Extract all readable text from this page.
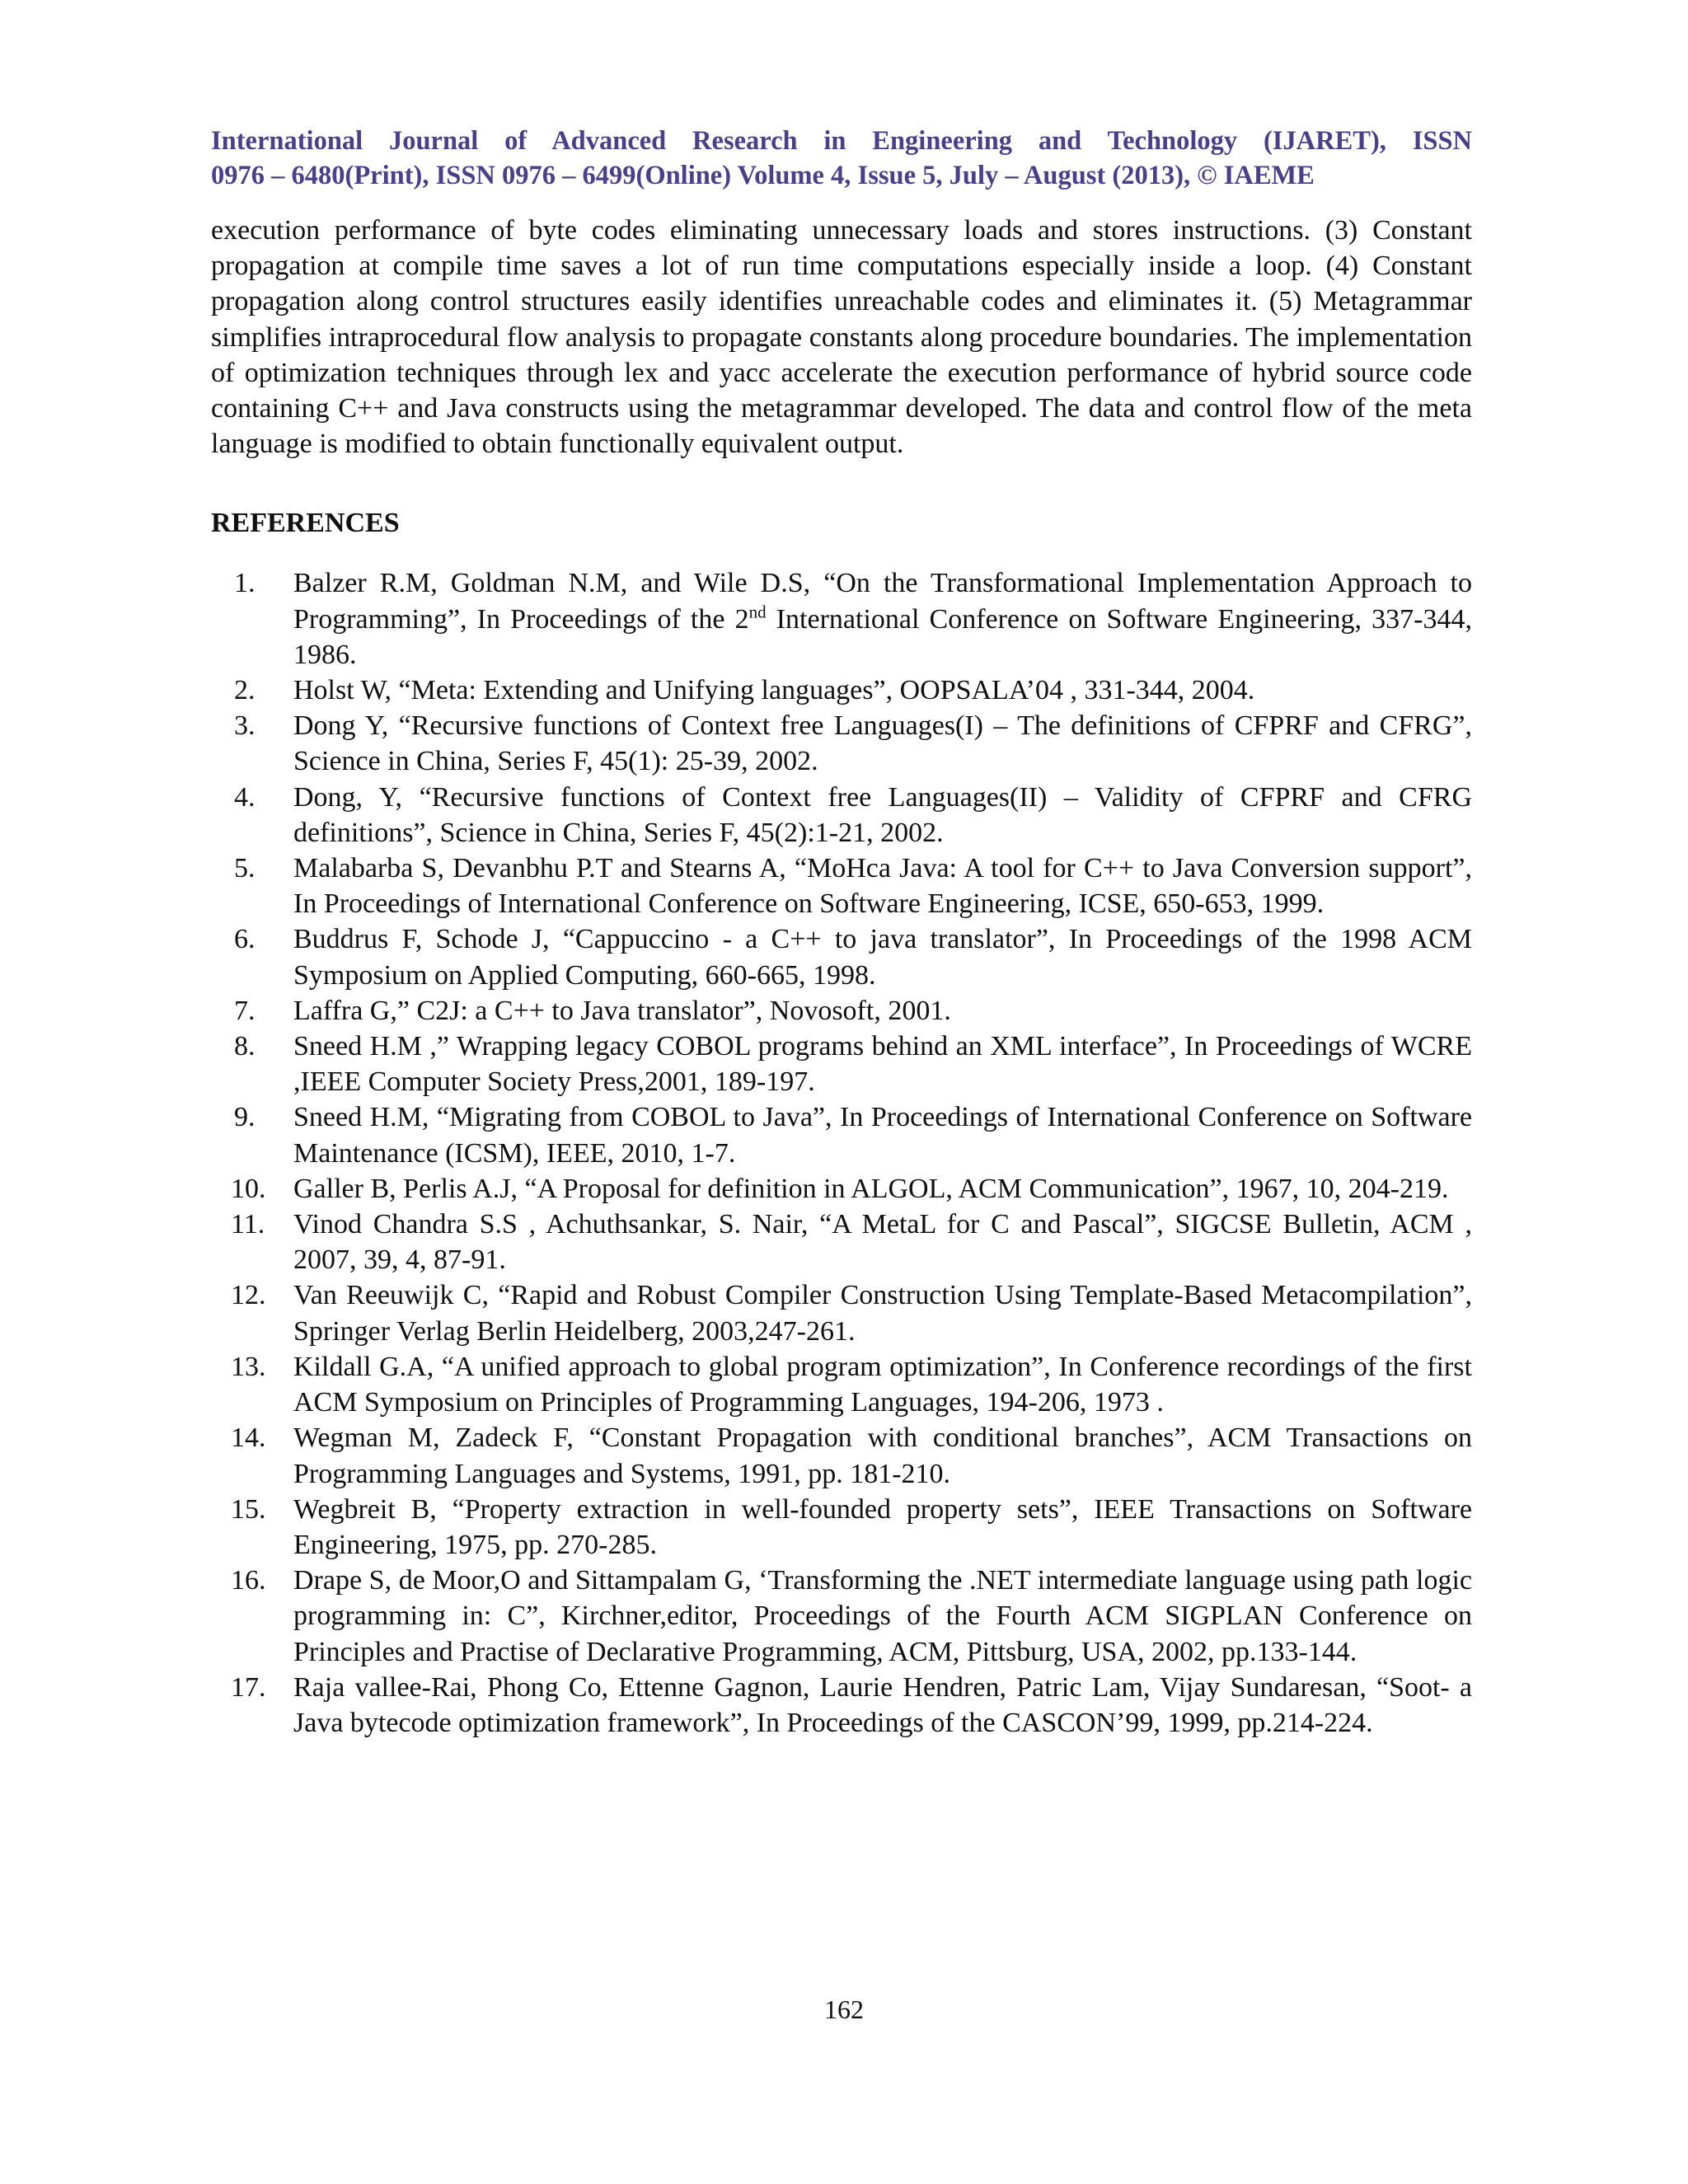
International Journal of Advanced Research in Engineering and Technology (IJARET), ISSN
0976 – 6480(Print), ISSN 0976 – 6499(Online) Volume 4, Issue 5, July – August (2013), © IAEME

execution performance of byte codes eliminating unnecessary loads and stores instructions. (3) Constant propagation at compile time saves a lot of run time computations especially inside a loop. (4) Constant propagation along control structures easily identifies unreachable codes and eliminates it. (5) Metagrammar simplifies intraprocedural flow analysis to propagate constants along procedure boundaries. The implementation of optimization techniques through lex and yacc accelerate the execution performance of hybrid source code containing C++ and Java constructs using the metagrammar developed. The data and control flow of the meta language is modified to obtain functionally equivalent output.

REFERENCES
1. Balzer R.M, Goldman N.M, and Wile D.S, “On the Transformational Implementation Approach to Programming”, In Proceedings of the 2nd International Conference on Software Engineering, 337-344, 1986.
2. Holst W, “Meta: Extending and Unifying languages”, OOPSALA’04 , 331-344, 2004.
3. Dong Y, “Recursive functions of Context free Languages(I) – The definitions of CFPRF and CFRG”, Science in China, Series F, 45(1): 25-39, 2002.
4. Dong, Y, “Recursive functions of Context free Languages(II) – Validity of CFPRF and CFRG definitions”, Science in China, Series F, 45(2):1-21, 2002.
5. Malabarba S, Devanbhu P.T and Stearns A, “MoHca Java: A tool for C++ to Java Conversion support”, In Proceedings of International Conference on Software Engineering, ICSE, 650-653, 1999.
6. Buddrus F, Schode J, “Cappuccino - a C++ to java translator”, In Proceedings of the 1998 ACM Symposium on Applied Computing, 660-665, 1998.
7. Laffra G,” C2J: a C++ to Java translator”, Novosoft, 2001.
8. Sneed H.M ,” Wrapping legacy COBOL programs behind an XML interface”, In Proceedings of WCRE ,IEEE Computer Society Press,2001, 189-197.
9. Sneed H.M, “Migrating from COBOL to Java”, In Proceedings of International Conference on Software Maintenance (ICSM), IEEE, 2010, 1-7.
10. Galler B, Perlis A.J, “A Proposal for definition in ALGOL, ACM Communication”, 1967, 10, 204-219.
11. Vinod Chandra S.S , Achuthsankar, S. Nair, “A MetaL for C and Pascal”, SIGCSE Bulletin, ACM , 2007, 39, 4, 87-91.
12. Van Reeuwijk C, “Rapid and Robust Compiler Construction Using Template-Based Metacompilation”, Springer Verlag Berlin Heidelberg, 2003,247-261.
13. Kildall G.A, “A unified approach to global program optimization”, In Conference recordings of the first ACM Symposium on Principles of Programming Languages, 194-206, 1973 .
14. Wegman M, Zadeck F, “Constant Propagation with conditional branches”, ACM Transactions on Programming Languages and Systems, 1991, pp. 181-210.
15. Wegbreit B, “Property extraction in well-founded property sets”, IEEE Transactions on Software Engineering, 1975, pp. 270-285.
16. Drape S, de Moor,O and Sittampalam G, ‘Transforming the .NET intermediate language using path logic programming in: C”, Kirchner,editor, Proceedings of the Fourth ACM SIGPLAN Conference on Principles and Practise of Declarative Programming, ACM, Pittsburg, USA, 2002, pp.133-144.
17. Raja vallee-Rai, Phong Co, Ettenne Gagnon, Laurie Hendren, Patric Lam, Vijay Sundaresan, “Soot- a Java bytecode optimization framework”, In Proceedings of the CASCON’99, 1999, pp.214-224.
162
